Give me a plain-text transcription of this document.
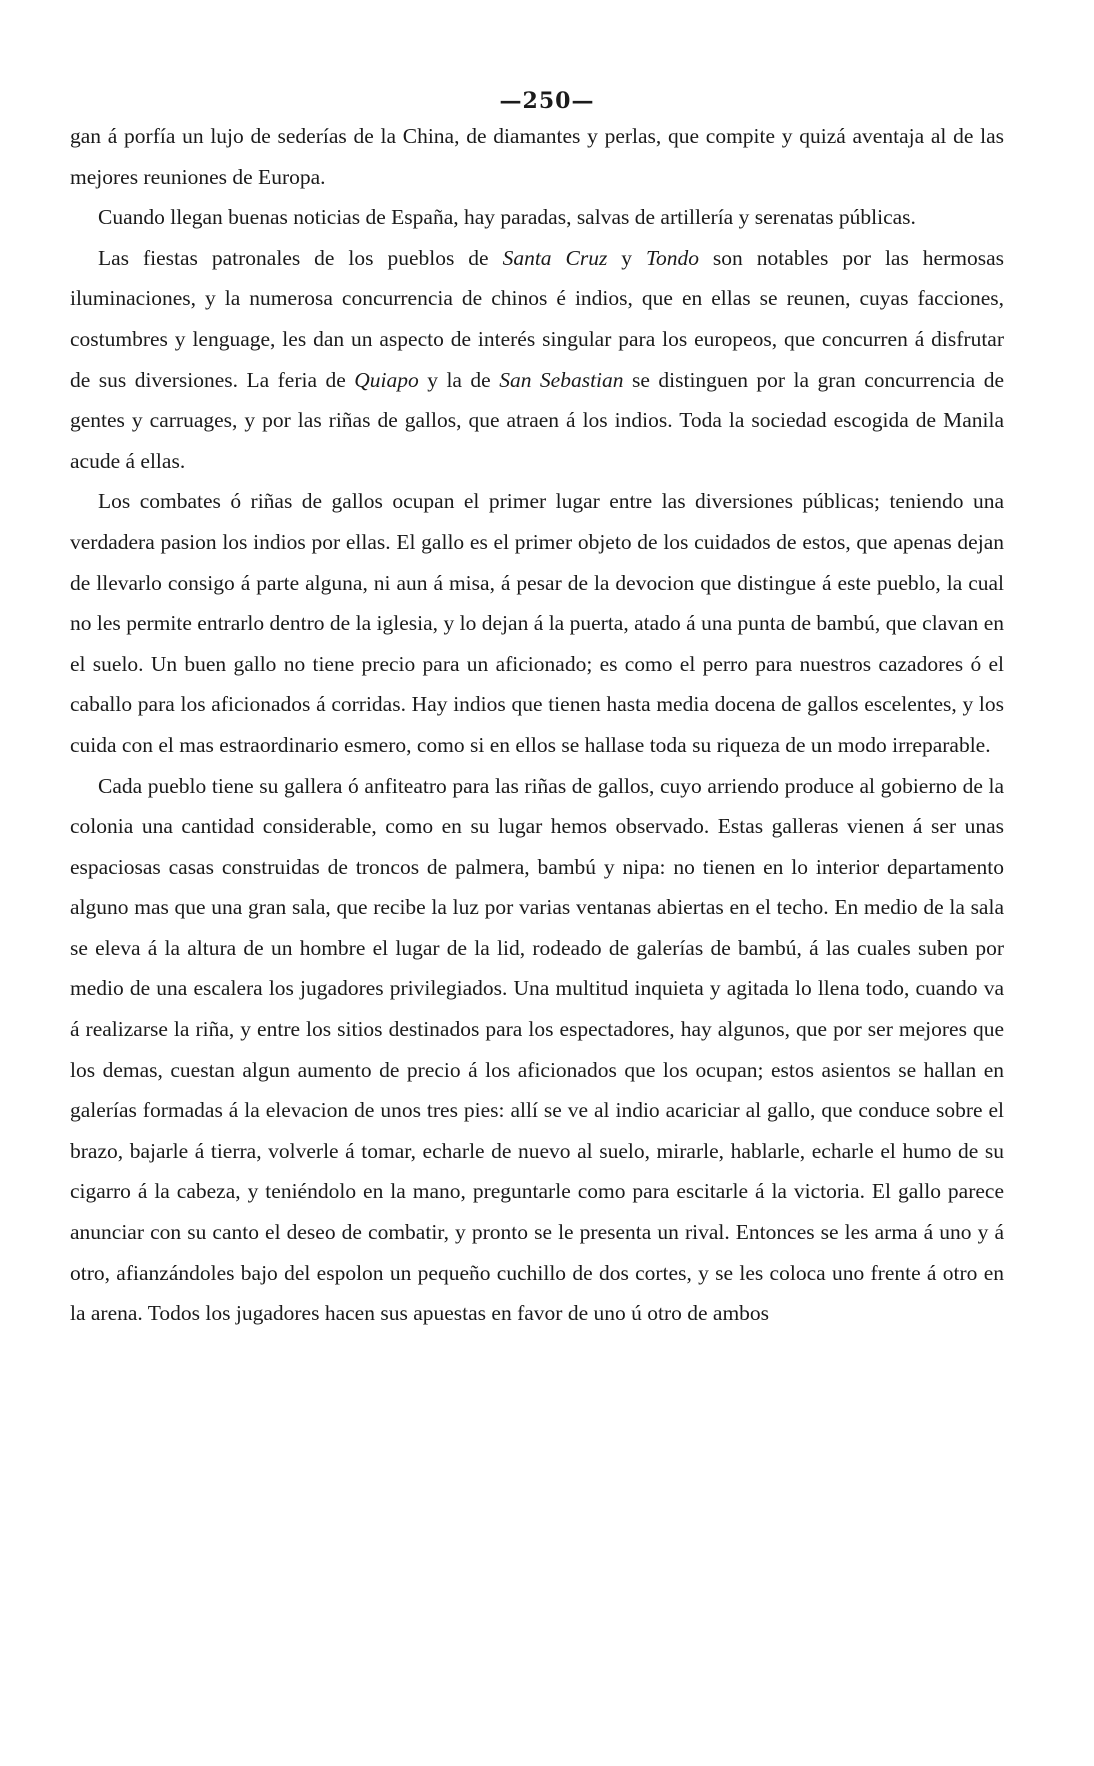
—250—

gan á porfía un lujo de sederías de la China, de diamantes y perlas, que compite y quizá aventaja al de las mejores reuniones de Europa.

Cuando llegan buenas noticias de España, hay paradas, salvas de artillería y serenatas públicas.

Las fiestas patronales de los pueblos de Santa Cruz y Tondo son notables por las hermosas iluminaciones, y la numerosa concurrencia de chinos é indios, que en ellas se reunen, cuyas facciones, costumbres y lenguage, les dan un aspecto de interés singular para los europeos, que concurren á disfrutar de sus diversiones. La feria de Quiapo y la de San Sebastian se distinguen por la gran concurrencia de gentes y carruages, y por las riñas de gallos, que atraen á los indios. Toda la sociedad escogida de Manila acude á ellas.

Los combates ó riñas de gallos ocupan el primer lugar entre las diversiones públicas; teniendo una verdadera pasion los indios por ellas. El gallo es el primer objeto de los cuidados de estos, que apenas dejan de llevarlo consigo á parte alguna, ni aun á misa, á pesar de la devocion que distingue á este pueblo, la cual no les permite entrarlo dentro de la iglesia, y lo dejan á la puerta, atado á una punta de bambú, que clavan en el suelo. Un buen gallo no tiene precio para un aficionado; es como el perro para nuestros cazadores ó el caballo para los aficionados á corridas. Hay indios que tienen hasta media docena de gallos escelentes, y los cuida con el mas estraordinario esmero, como si en ellos se hallase toda su riqueza de un modo irreparable.

Cada pueblo tiene su gallera ó anfiteatro para las riñas de gallos, cuyo arriendo produce al gobierno de la colonia una cantidad considerable, como en su lugar hemos observado. Estas galleras vienen á ser unas espaciosas casas construidas de troncos de palmera, bambú y nipa: no tienen en lo interior departamento alguno mas que una gran sala, que recibe la luz por varias ventanas abiertas en el techo. En medio de la sala se eleva á la altura de un hombre el lugar de la lid, rodeado de galerías de bambú, á las cuales suben por medio de una escalera los jugadores privilegiados. Una multitud inquieta y agitada lo llena todo, cuando va á realizarse la riña, y entre los sitios destinados para los espectadores, hay algunos, que por ser mejores que los demas, cuestan algun aumento de precio á los aficionados que los ocupan; estos asientos se hallan en galerías formadas á la elevacion de unos tres pies: allí se ve al indio acariciar al gallo, que conduce sobre el brazo, bajarle á tierra, volverle á tomar, echarle de nuevo al suelo, mirarle, hablarle, echarle el humo de su cigarro á la cabeza, y teniéndolo en la mano, preguntarle como para escitarle á la victoria. El gallo parece anunciar con su canto el deseo de combatir, y pronto se le presenta un rival. Entonces se les arma á uno y á otro, afianzándoles bajo del espolon un pequeño cuchillo de dos cortes, y se les coloca uno frente á otro en la arena. Todos los jugadores hacen sus apuestas en favor de uno ú otro de ambos
